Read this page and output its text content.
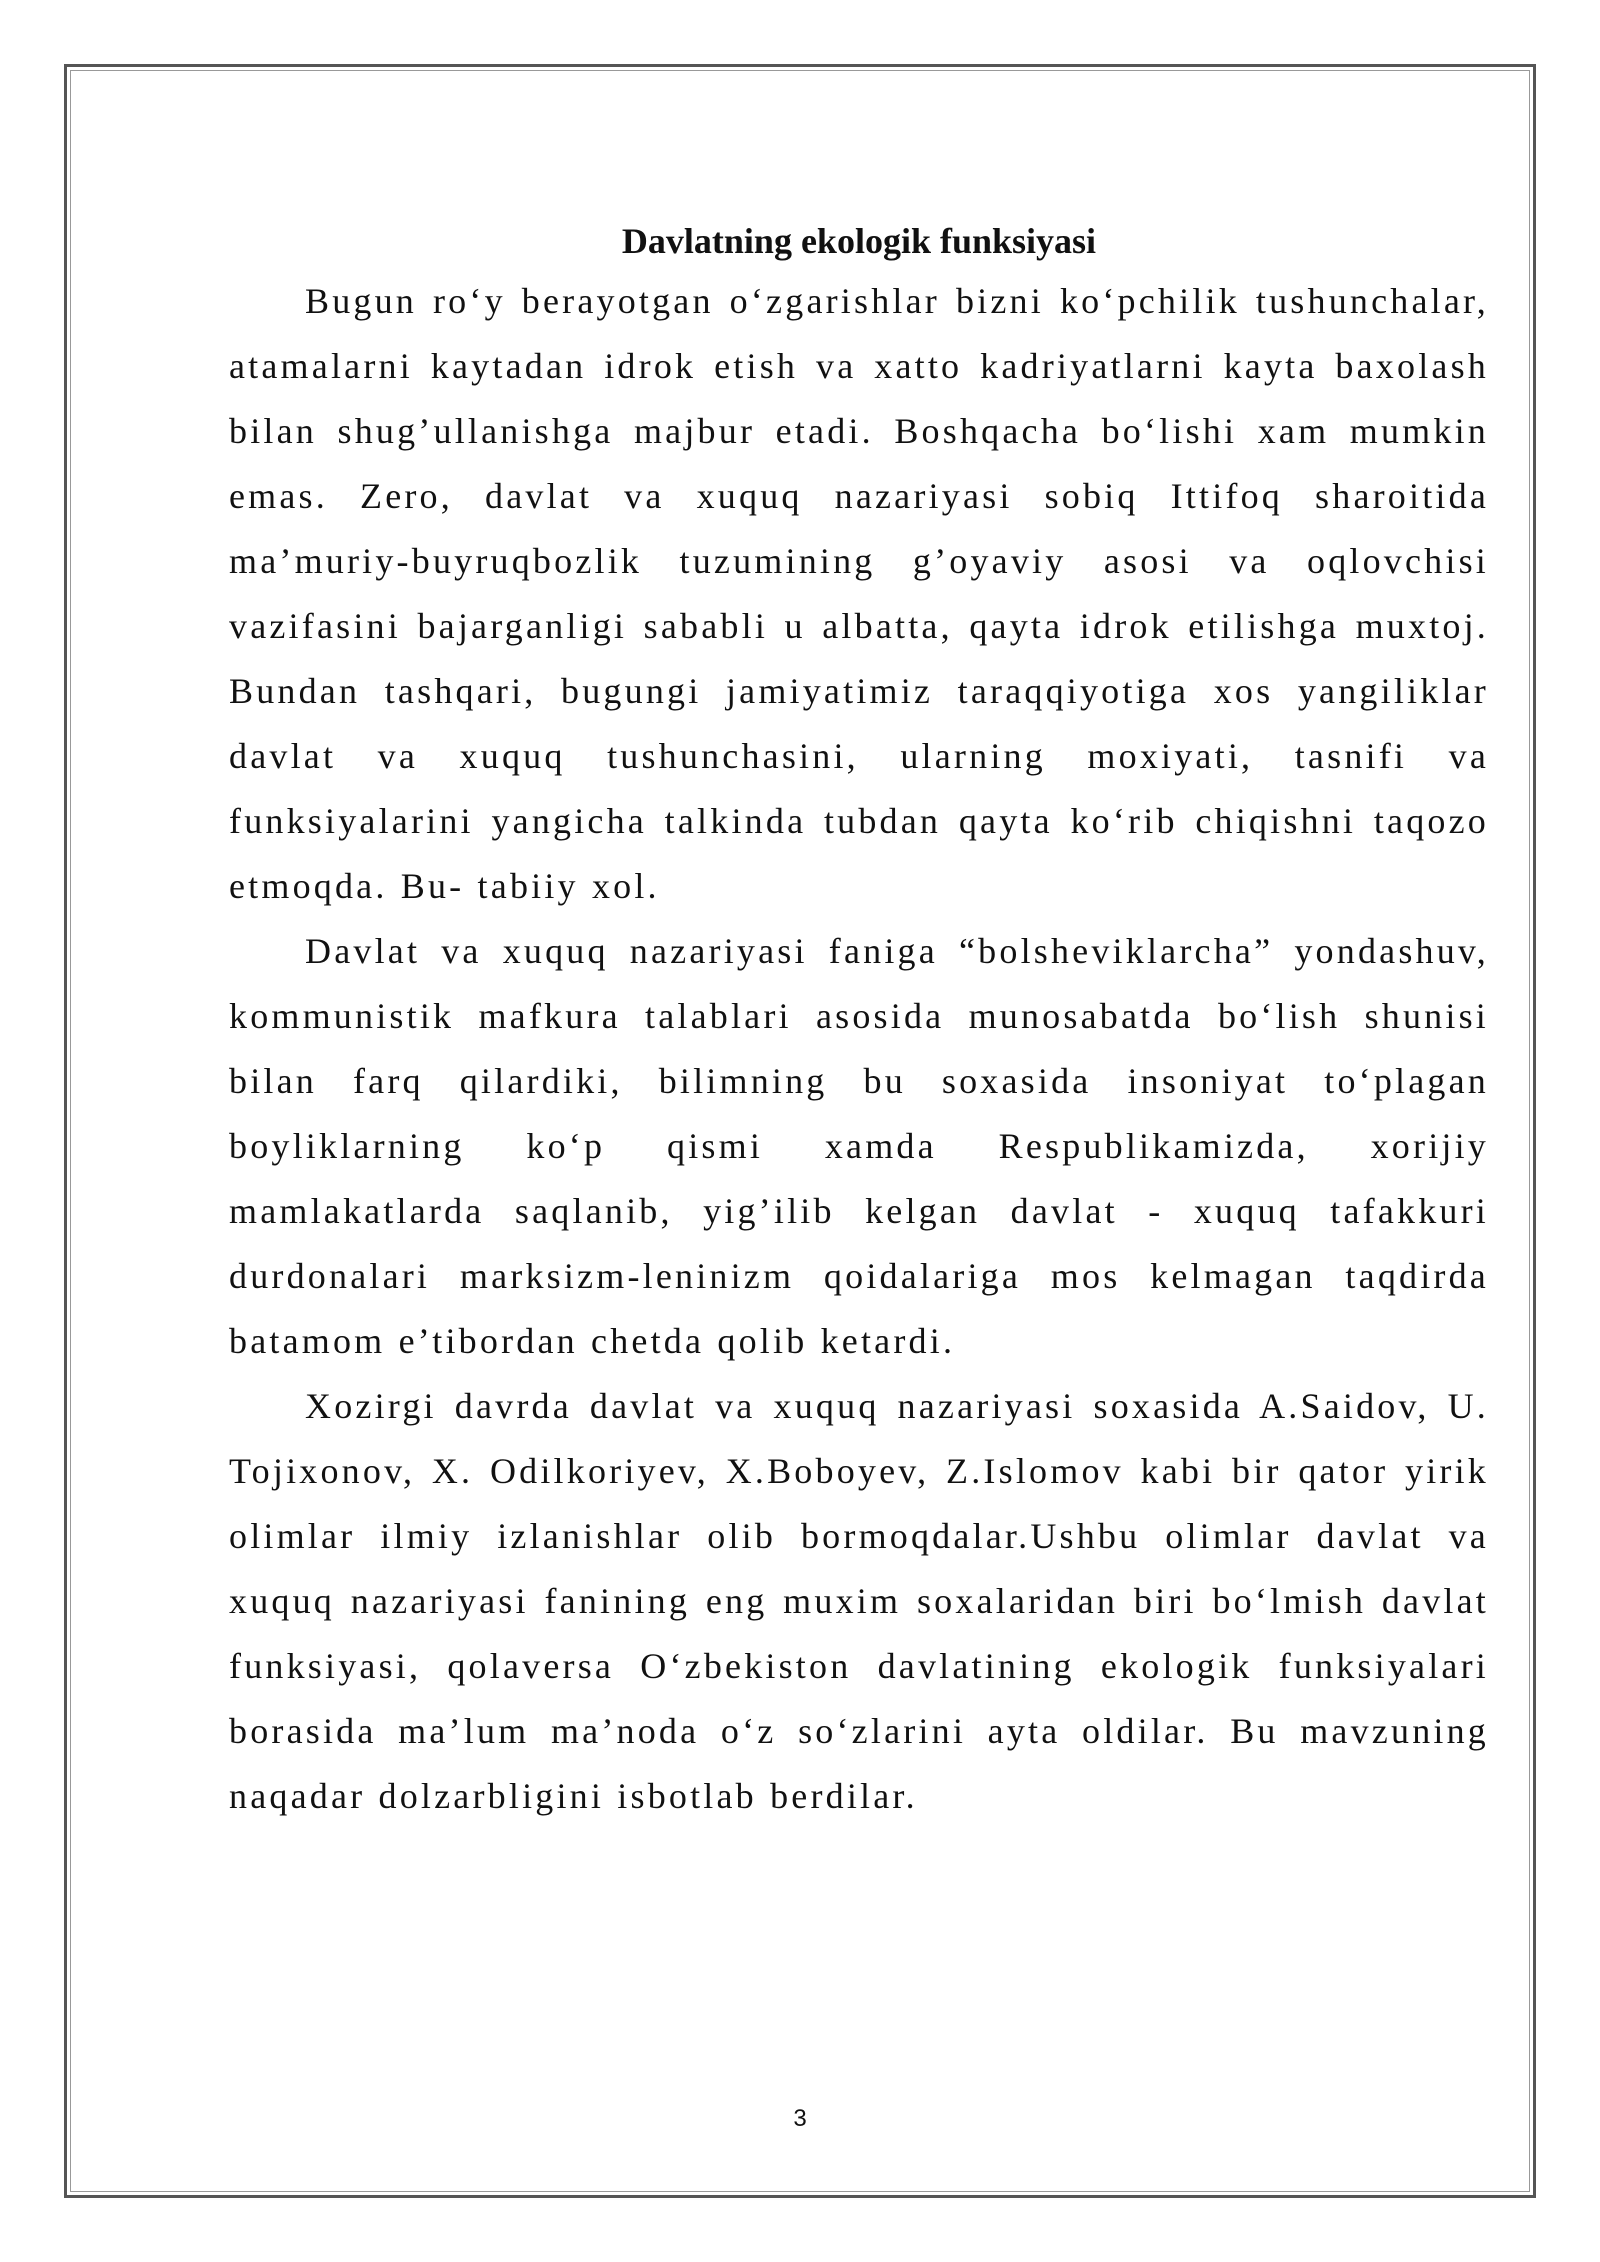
Davlatning ekologik funksiyasi

Bugun ro‘y berayotgan o‘zgarishlar bizni ko‘pchilik tushunchalar, atamalarni kaytadan idrok etish va xatto kadriyatlarni kayta baxolash bilan shug’ullanishga majbur etadi. Boshqacha bo‘lishi xam mumkin emas. Zero, davlat va xuquq nazariyasi sobiq Ittifoq sharoitida ma’muriy-buyruqbozlik tuzumining g’oyaviy asosi va oqlovchisi vazifasini bajarganligi sababli u albatta, qayta idrok etilishga muxtoj. Bundan tashqari, bugungi jamiyatimiz taraqqiyotiga xos yangiliklar davlat va xuquq tushunchasini, ularning moxiyati, tasnifi va funksiyalarini yangicha talkinda tubdan qayta ko‘rib chiqishni taqozo etmoqda. Bu- tabiiy xol.

Davlat va xuquq nazariyasi faniga “bolsheviklarcha” yondashuv, kommunistik mafkura talablari asosida munosabatda bo‘lish shunisi bilan farq qilardiki, bilimning bu soxasida insoniyat to‘plagan boyliklarning ko‘p qismi xamda Respublikamizda, xorijiy mamlakatlarda saqlanib, yig’ilib kelgan davlat - xuquq tafakkuri durdonalari marksizm-leninizm qoidalariga mos kelmagan taqdirda batamom e’tibordan chetda qolib ketardi.

Xozirgi davrda davlat va xuquq nazariyasi soxasida A.Saidov, U. Tojixonov, X. Odilkoriyev, X.Boboyev, Z.Islomov kabi bir qator yirik olimlar ilmiy izlanishlar olib bormoqdalar.Ushbu olimlar davlat va xuquq nazariyasi fanining eng muxim soxalaridan biri bo‘lmish davlat funksiyasi, qolaversa O‘zbekiston davlatining ekologik funksiyalari borasida ma’lum ma’noda o‘z so‘zlarini ayta oldilar. Bu mavzuning naqadar dolzarbligini isbotlab berdilar.

3
